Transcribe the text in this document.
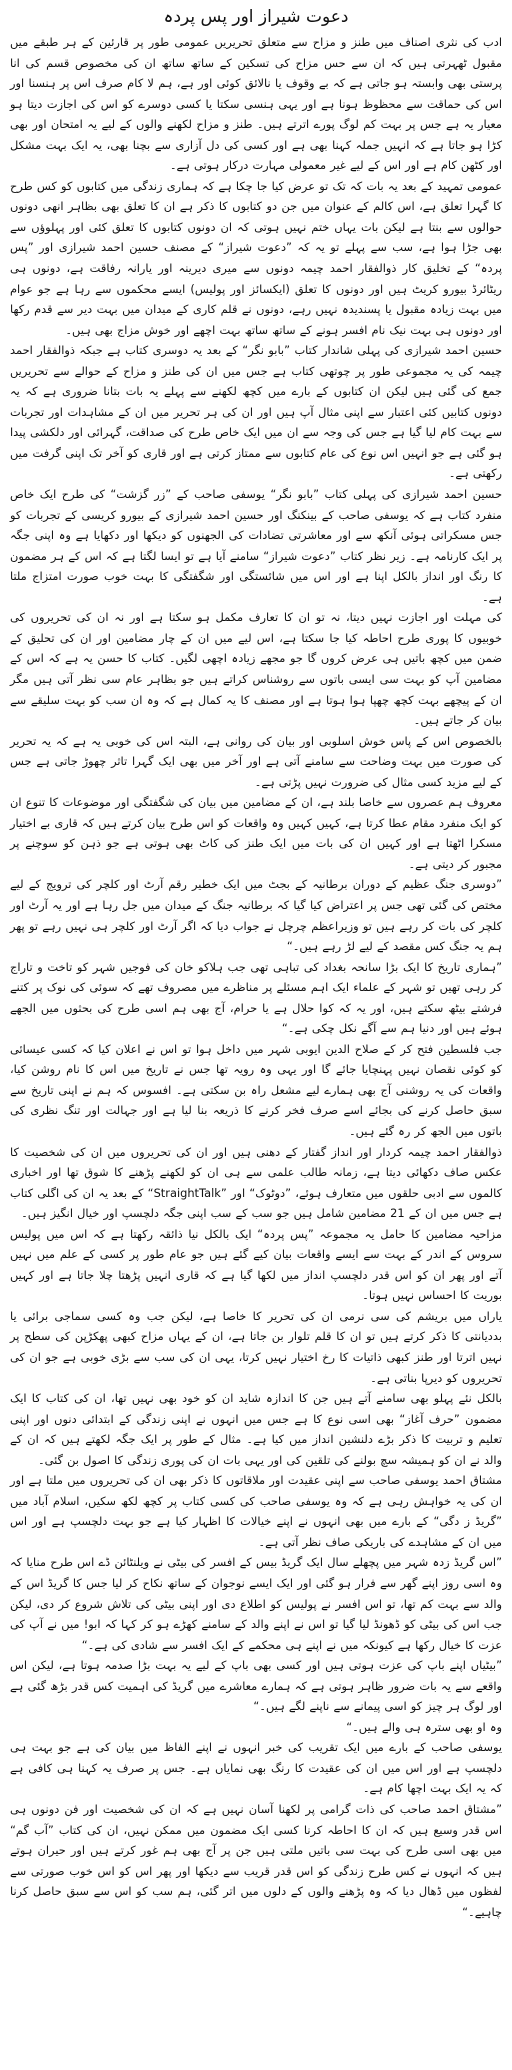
دعوت شیراز اور پس پردہ

ادب کی نثری اصناف میں طنز و مزاح سے متعلق تحریریں عمومی طور پر قارئین کے ہر طبقے میں مقبول ٹھہرتی ہیں کہ ان سے حس مزاح کی تسکین کے ساتھ ساتھ ان کی مخصوص قسم کی انا پرستی بھی وابستہ ہو جاتی ہے کہ بے وقوف یا نالائق کوئی اور ہے، ہم لا کام صرف اس پر ہنسنا اور اس کی حماقت سے محظوظ ہونا ہے اور یہی ہنسی سکتا یا کسی دوسرے کو اس کی اجازت دیتا ہو معیار یہ ہے جس پر بہت کم لوگ پورے اترتے ہیں۔ طنز و مزاح لکھنے والوں کے لیے یہ امتحان اور بھی کڑا ہو جاتا ہے کہ انہیں جملہ کہنا بھی ہے اور کسی کی دل آزاری سے بچنا بھی، یہ ایک بہت مشکل اور کٹھن کام ہے اور اس کے لیے غیر معمولی مہارت درکار ہوتی ہے۔

عمومی تمہید کے بعد یہ بات کہ تک تو عرض کیا جا چکا ہے کہ ہماری زندگی میں کتابوں کو کس طرح کا گہرا تعلق ہے، اس کالم کے عنوان میں جن دو کتابوں کا ذکر ہے ان کا تعلق بھی بظاہر انھی دونوں حوالوں سے بنتا ہے لیکن بات یہاں ختم نہیں ہوتی کہ ان دونوں کتابوں کا تعلق کئی اور پہلوؤں سے بھی جڑا ہوا ہے، سب سے پہلے تو یہ کہ ”دعوت شیراز“ کے مصنف حسین احمد شیرازی اور ”پس پردہ“ کے تخلیق کار ذوالفقار احمد چیمہ دونوں سے میری دیرینہ اور یارانہ رفاقت ہے، دونوں ہی ریٹائرڈ بیورو کریٹ ہیں اور دونوں کا تعلق (ایکسائز اور پولیس) ایسے محکموں سے رہا ہے جو عوام میں بہت زیادہ مقبول یا پسندیدہ نہیں رہے، دونوں نے قلم کاری کے میدان میں بہت دیر سے قدم رکھا اور دونوں ہی بہت نیک نام افسر ہونے کے ساتھ ساتھ بہت اچھے اور خوش مزاج بھی ہیں۔

حسین احمد شیرازی کی پہلی شاندار کتاب ”بابو نگر“ کے بعد یہ دوسری کتاب ہے جبکہ ذوالفقار احمد چیمہ کی یہ مجموعی طور پر چوتھی کتاب ہے جس میں ان کی طنز و مزاح کے حوالے سے تحریریں جمع کی گئی ہیں لیکن ان کتابوں کے بارے میں کچھ لکھنے سے پہلے یہ بات بتانا ضروری ہے کہ یہ دونوں کتابیں کئی اعتبار سے اپنی مثال آپ ہیں اور ان کی ہر تحریر میں ان کے مشاہدات اور تجربات سے بہت کام لیا گیا ہے جس کی وجہ سے ان میں ایک خاص طرح کی صداقت، گہرائی اور دلکشی پیدا ہو گئی ہے جو انہیں اس نوع کی عام کتابوں سے ممتاز کرتی ہے اور قاری کو آخر تک اپنی گرفت میں رکھتی ہے۔

حسین احمد شیرازی کی پہلی کتاب ”بابو نگر“ یوسفی صاحب کے ”زر گزشت“ کی طرح ایک خاص منفرد کتاب ہے کہ یوسفی صاحب کے بینکنگ اور حسین احمد شیرازی کے بیورو کریسی کے تجربات کو جس مسکراتی ہوئی آنکھ سے اور معاشرتی تضادات کی الجھنوں کو دیکھا اور دکھایا ہے وہ اپنی جگہ پر ایک کارنامہ ہے۔ زیر نظر کتاب ”دعوت شیراز“ سامنے آیا ہے تو ایسا لگتا ہے کہ اس کے ہر مضمون کا رنگ اور انداز بالکل اپنا ہے اور اس میں شائستگی اور شگفتگی کا بہت خوب صورت امتزاج ملتا ہے۔

کی مہلت اور اجازت نہیں دیتا، نہ تو ان کا تعارف مکمل ہو سکتا ہے اور نہ ان کی تحریروں کی خوبیوں کا پوری طرح احاطہ کیا جا سکتا ہے، اس لیے میں ان کے چار مضامین اور ان کی تحلیق کے ضمن میں کچھ باتیں ہی عرض کروں گا جو مجھے زیادہ اچھی لگیں۔ کتاب کا حسن یہ ہے کہ اس کے مضامین آپ کو بہت سی ایسی باتوں سے روشناس کراتے ہیں جو بظاہر عام سی نظر آتی ہیں مگر ان کے پیچھے بہت کچھ چھپا ہوا ہوتا ہے اور مصنف کا یہ کمال ہے کہ وہ ان سب کو بہت سلیقے سے بیان کر جاتے ہیں۔

بالخصوص اس کے پاس خوش اسلوبی اور بیان کی روانی ہے، البتہ اس کی خوبی یہ ہے کہ یہ تحریر کی صورت میں بہت وضاحت سے سامنے آتی ہے اور آخر میں بھی ایک گہرا تاثر چھوڑ جاتی ہے جس کے لیے مزید کسی مثال کی ضرورت نہیں پڑتی ہے۔

معروف ہم عصروں سے خاصا بلند ہے، ان کے مضامین میں بیان کی شگفتگی اور موضوعات کا تنوع ان کو ایک منفرد مقام عطا کرتا ہے، کہیں کہیں وہ واقعات کو اس طرح بیان کرتے ہیں کہ قاری بے اختیار مسکرا اٹھتا ہے اور کہیں ان کی بات میں ایک طنز کی کاٹ بھی ہوتی ہے جو ذہن کو سوچنے پر مجبور کر دیتی ہے۔

”دوسری جنگ عظیم کے دوران برطانیہ کے بجٹ میں ایک خطیر رقم آرٹ اور کلچر کی ترویج کے لیے مختص کی گئی تھی جس پر اعتراض کیا گیا کہ برطانیہ جنگ کے میدان میں جل رہا ہے اور یہ آرٹ اور کلچر کی بات کر رہے ہیں تو وزیراعظم چرچل نے جواب دیا کہ اگر آرٹ اور کلچر ہی نہیں رہے تو پھر ہم یہ جنگ کس مقصد کے لیے لڑ رہے ہیں۔“

”ہماری تاریخ کا ایک بڑا سانحہ بغداد کی تباہی تھی جب ہلاکو خان کی فوجیں شہر کو تاخت و تاراج کر رہی تھیں تو شہر کے علماء ایک اہم مسئلے پر مناظرے میں مصروف تھے کہ سوئی کی نوک پر کتنے فرشتے بیٹھ سکتے ہیں، اور یہ کہ کوا حلال ہے یا حرام، آج بھی ہم اسی طرح کی بحثوں میں الجھے ہوئے ہیں اور دنیا ہم سے آگے نکل چکی ہے۔“

جب فلسطین فتح کر کے صلاح الدین ایوبی شہر میں داخل ہوا تو اس نے اعلان کیا کہ کسی عیسائی کو کوئی نقصان نہیں پہنچایا جائے گا اور یہی وہ رویہ تھا جس نے تاریخ میں اس کا نام روشن کیا، واقعات کی یہ روشنی آج بھی ہمارے لیے مشعل راہ بن سکتی ہے۔ افسوس کہ ہم نے اپنی تاریخ سے سبق حاصل کرنے کی بجائے اسے صرف فخر کرنے کا ذریعہ بنا لیا ہے اور جہالت اور تنگ نظری کی باتوں میں الجھ کر رہ گئے ہیں۔

ذوالفقار احمد چیمہ کردار اور انداز گفتار کے دھنی ہیں اور ان کی تحریروں میں ان کی شخصیت کا عکس صاف دکھائی دیتا ہے، زمانہ طالب علمی سے ہی ان کو لکھنے پڑھنے کا شوق تھا اور اخباری کالموں سے ادبی حلقوں میں متعارف ہوئے، ”دوٹوک“ اور ”StraightTalk“ کے بعد یہ ان کی اگلی کتاب ہے جس میں ان کے 21 مضامین شامل ہیں جو سب کے سب اپنی جگہ دلچسپ اور خیال انگیز ہیں۔

مزاحیہ مضامین کا حامل یہ مجموعہ ”پس پردہ“ ایک بالکل نیا ذائقہ رکھتا ہے کہ اس میں پولیس سروس کے اندر کے بہت سے ایسے واقعات بیان کیے گئے ہیں جو عام طور پر کسی کے علم میں نہیں آتے اور پھر ان کو اس قدر دلچسپ انداز میں لکھا گیا ہے کہ قاری انہیں پڑھتا چلا جاتا ہے اور کہیں بوریت کا احساس نہیں ہوتا۔

یاراں میں بریشم کی سی نرمی ان کی تحریر کا خاصا ہے، لیکن جب وہ کسی سماجی برائی یا بددیانتی کا ذکر کرتے ہیں تو ان کا قلم تلوار بن جاتا ہے، ان کے یہاں مزاح کبھی پھکڑپن کی سطح پر نہیں اترتا اور طنز کبھی ذاتیات کا رخ اختیار نہیں کرتا، یہی ان کی سب سے بڑی خوبی ہے جو ان کی تحریروں کو دیرپا بناتی ہے۔

بالکل نئے پہلو بھی سامنے آتے ہیں جن کا اندازہ شاید ان کو خود بھی نہیں تھا، ان کی کتاب کا ایک مضمون ”حرف آغاز“ بھی اسی نوع کا ہے جس میں انہوں نے اپنی زندگی کے ابتدائی دنوں اور اپنی تعلیم و تربیت کا ذکر بڑے دلنشین انداز میں کیا ہے۔ مثال کے طور پر ایک جگہ لکھتے ہیں کہ ان کے والد نے ان کو ہمیشہ سچ بولنے کی تلقین کی اور یہی بات ان کی پوری زندگی کا اصول بن گئی۔

مشتاق احمد یوسفی صاحب سے اپنی عقیدت اور ملاقاتوں کا ذکر بھی ان کی تحریروں میں ملتا ہے اور ان کی یہ خواہش رہی ہے کہ وہ یوسفی صاحب کی کسی کتاب پر کچھ لکھ سکیں، اسلام آباد میں ”گریڈ ز دگی“ کے بارے میں بھی انہوں نے اپنے خیالات کا اظہار کیا ہے جو بہت دلچسپ ہے اور اس میں ان کے مشاہدے کی باریکی صاف نظر آتی ہے۔

”اس گریڈ زدہ شہر میں پچھلے سال ایک گریڈ بیس کے افسر کی بیٹی نے ویلنٹائن ڈے اس طرح منایا کہ وہ اسی روز اپنے گھر سے فرار ہو گئی اور ایک ایسے نوجوان کے ساتھ نکاح کر لیا جس کا گریڈ اس کے والد سے بہت کم تھا، تو اس افسر نے پولیس کو اطلاع دی اور اپنی بیٹی کی تلاش شروع کر دی، لیکن جب اس کی بیٹی کو ڈھونڈ لیا گیا تو اس نے اپنے والد کے سامنے کھڑے ہو کر کہا کہ ابو! میں نے آپ کی عزت کا خیال رکھا ہے کیونکہ میں نے اپنے ہی محکمے کے ایک افسر سے شادی کی ہے۔“

”بیٹیاں اپنے باپ کی عزت ہوتی ہیں اور کسی بھی باپ کے لیے یہ بہت بڑا صدمہ ہوتا ہے، لیکن اس واقعے سے یہ بات ضرور ظاہر ہوتی ہے کہ ہمارے معاشرے میں گریڈ کی اہمیت کس قدر بڑھ گئی ہے اور لوگ ہر چیز کو اسی پیمانے سے ناپنے لگے ہیں۔“

وہ او بھی سترہ ہی والے ہیں۔“

یوسفی صاحب کے بارے میں ایک تقریب کی خبر انہوں نے اپنے الفاظ میں بیان کی ہے جو بہت ہی دلچسپ ہے اور اس میں ان کی عقیدت کا رنگ بھی نمایاں ہے۔ جس پر صرف یہ کہنا ہی کافی ہے کہ یہ ایک بہت اچھا کام ہے۔

”مشتاق احمد صاحب کی ذات گرامی پر لکھنا آسان نہیں ہے کہ ان کی شخصیت اور فن دونوں ہی اس قدر وسیع ہیں کہ ان کا احاطہ کرنا کسی ایک مضمون میں ممکن نہیں، ان کی کتاب ”آب گم“ میں بھی اسی طرح کی بہت سی باتیں ملتی ہیں جن پر آج بھی ہم غور کرتے ہیں اور حیران ہوتے ہیں کہ انہوں نے کس طرح زندگی کو اس قدر قریب سے دیکھا اور پھر اس کو اس خوب صورتی سے لفظوں میں ڈھال دیا کہ وہ پڑھنے والوں کے دلوں میں اتر گئی، ہم سب کو اس سے سبق حاصل کرنا چاہیے۔“
